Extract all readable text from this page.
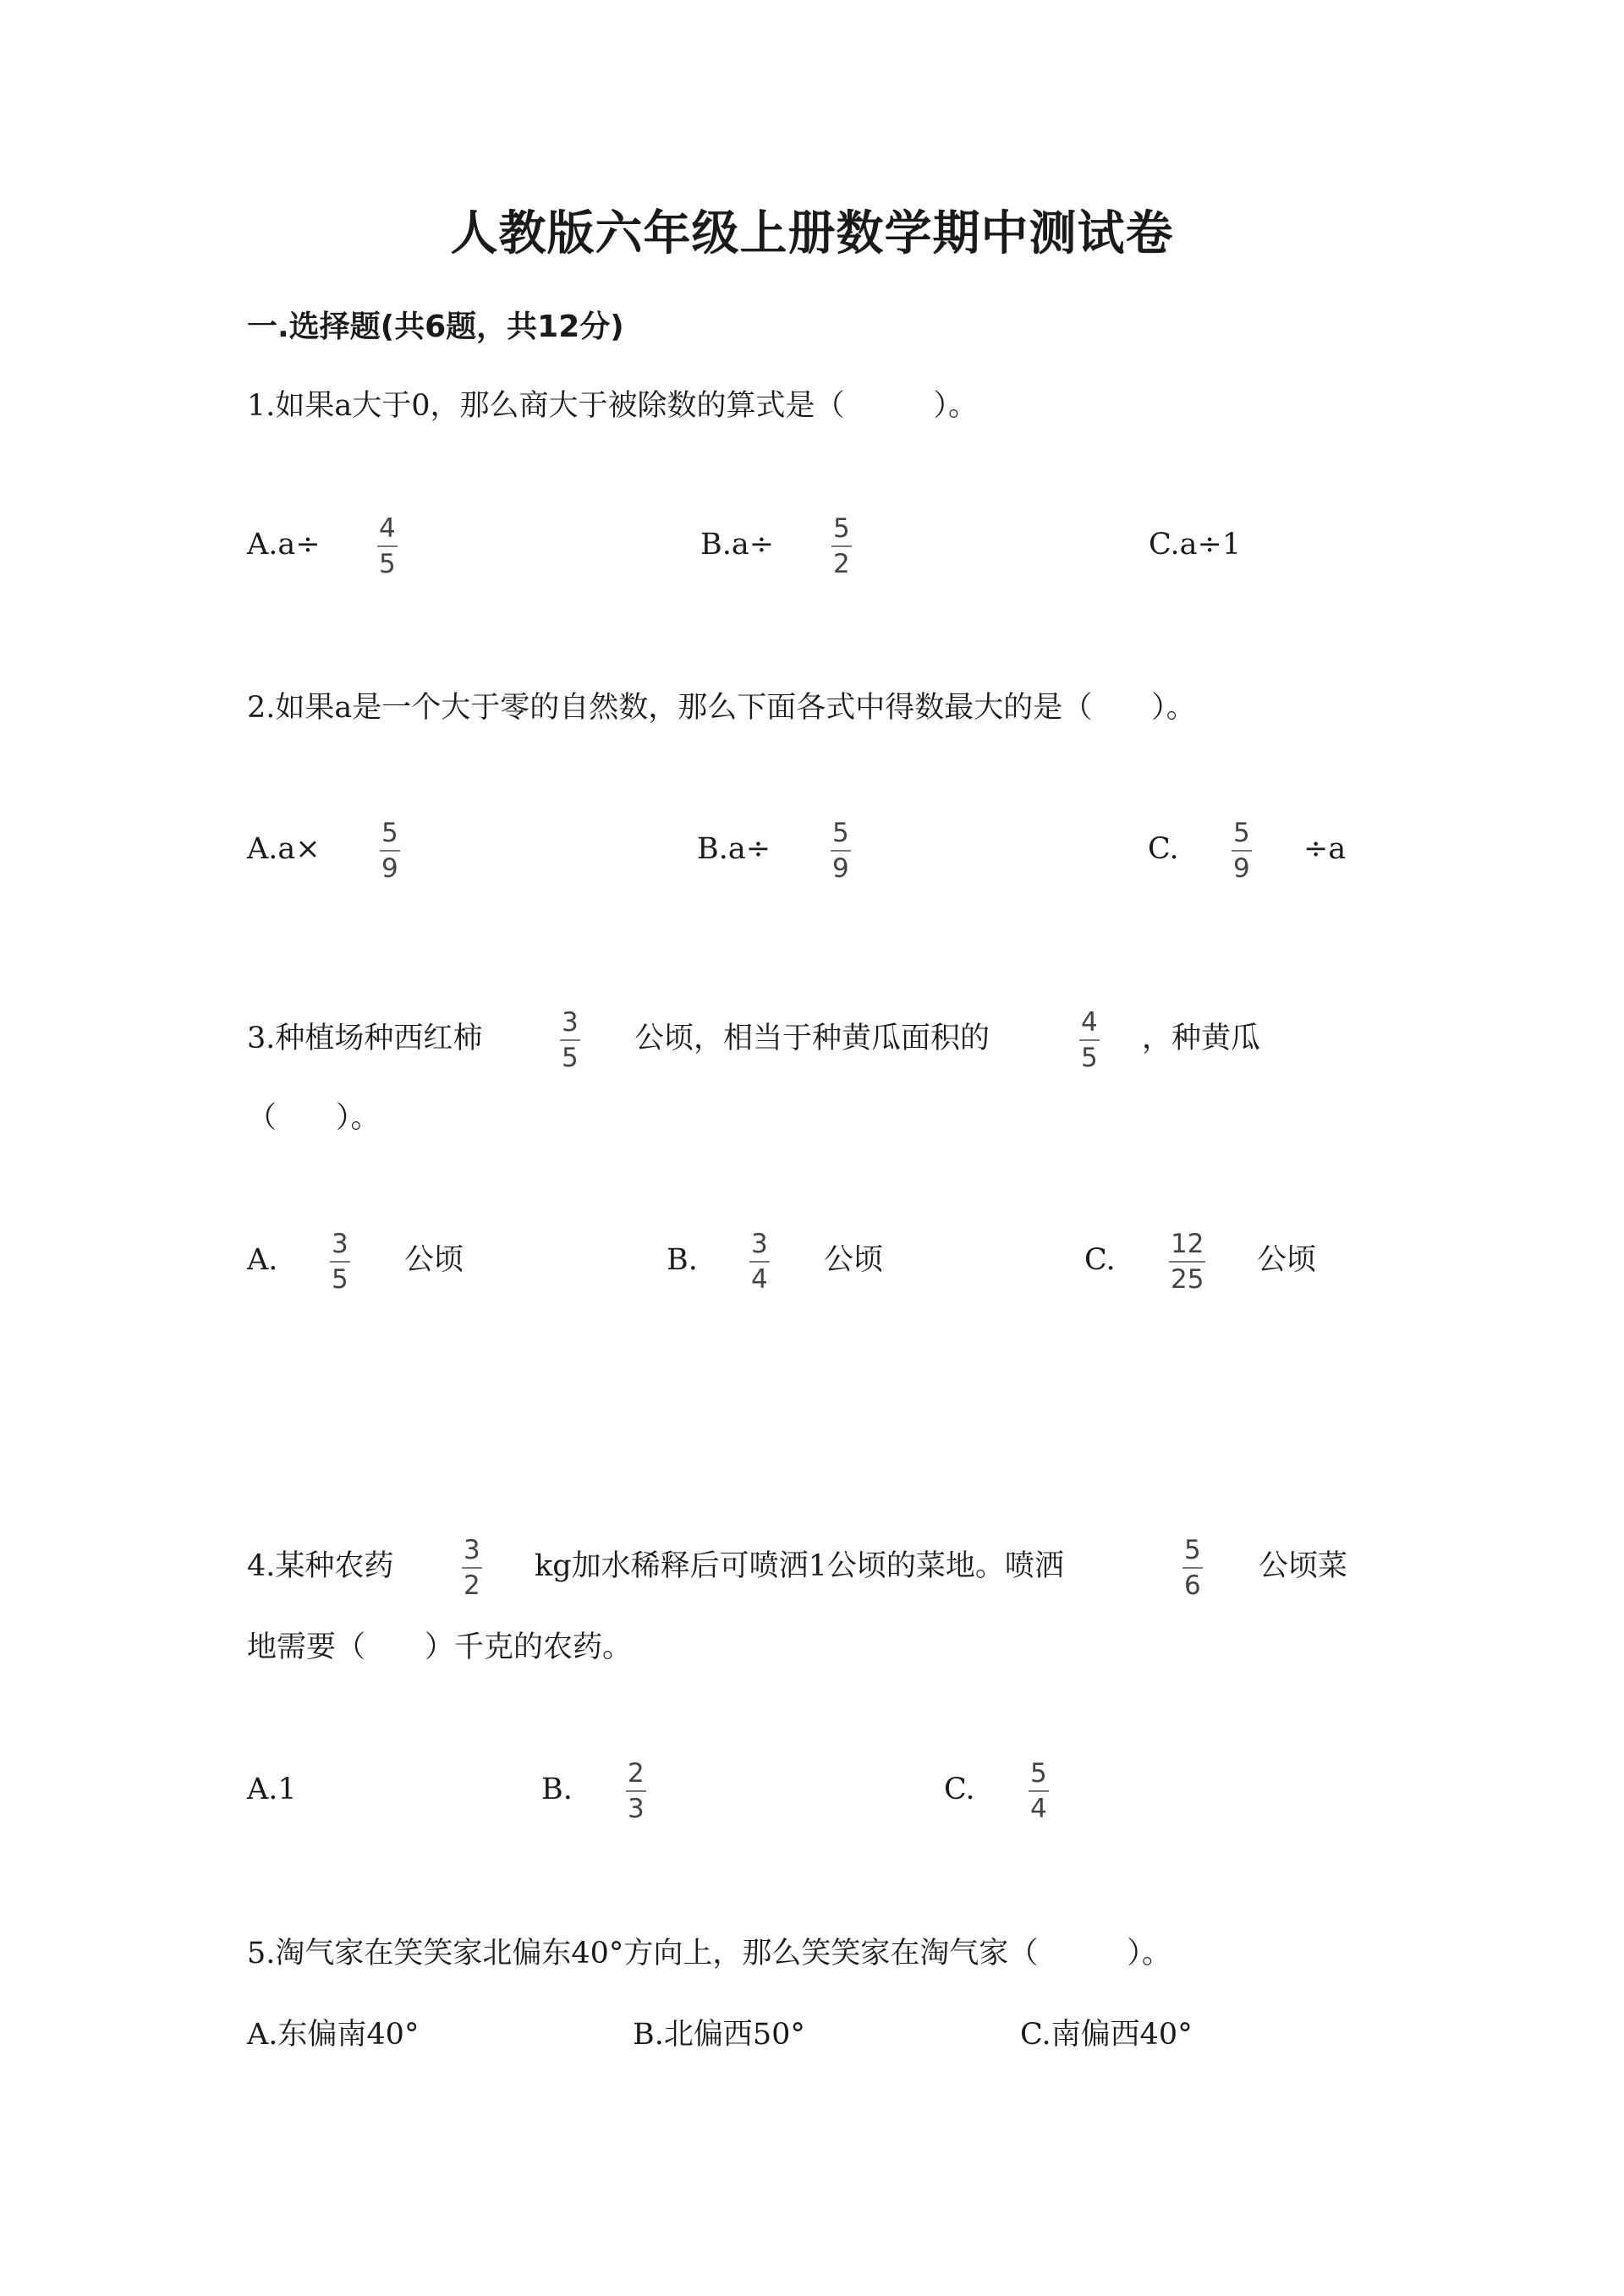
人教版六年级上册数学期中测试卷
一.选择题(共6题，共12分)
1.如果a大于0，那么商大于被除数的算式是（　　　）。
A.a÷ 4
5
B.a÷ 5
2
C.a÷1
2.如果a是一个大于零的自然数，那么下面各式中得数最大的是（　　）。
A.a× 5
9
B.a÷ 5
9
C. 5
9
÷a
3.种植场种西红柿	3
5
公顷，相当于种黄瓜面积的	4
5
，种黄瓜
（　　）。
A. 3
5
公顷	B. 3
4
公顷	C. 12
25
公顷
4.某种农药	3
2
kg加水稀释后可喷洒1公顷的菜地。喷洒	5
6
公顷菜
地需要（　　）千克的农药。
A.1	B. 2
3
C. 5
4
5.淘气家在笑笑家北偏东40°方向上，那么笑笑家在淘气家（　　　）。
A.东偏南40°	B.北偏西50°	C.南偏西40°
